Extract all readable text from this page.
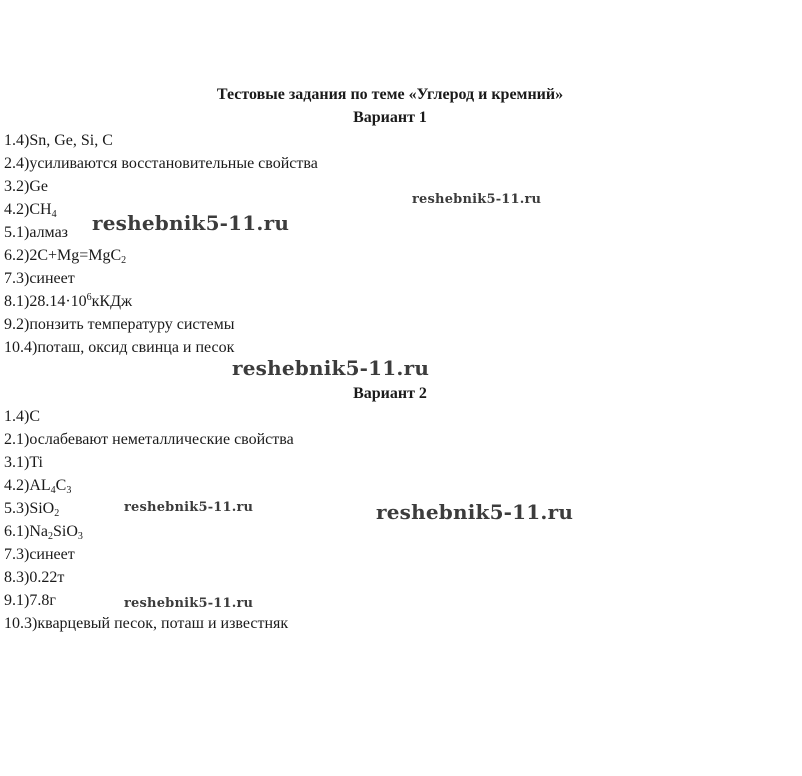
Тестовые задания по теме «Углерод и кремний»
Вариант 1
1.4)Sn, Ge, Si, C
2.4)усиливаются восстановительные свойства
3.2)Ge
$4.2)CH_4$
5.1)алмаз
6.2)2C+Mg=MgC$_2$
7.3)синеет
$8.1)28.14\cdot 10^6кКДж$
9.2)понзить температуру системы
10.4)поташ, оксид свинца и песок
Вариант 2
1.4)C
2.1)ослабевают неметаллические свойства
3.1)Ti
$4.2)AL_4C_3$
5.3)SiO$_2$
$6.1)Na_2SiO_3$
7.3)синеет
8.3)0.22т
9.1)7.8г
10.3)кварцевый песок, поташ и известняк
reshebnik5-11.ru
reshebnik5-11.ru
reshebnik5-11.ru
reshebnik5-11.ru	reshebnik5-11.ru
reshebnik5-11.ru
